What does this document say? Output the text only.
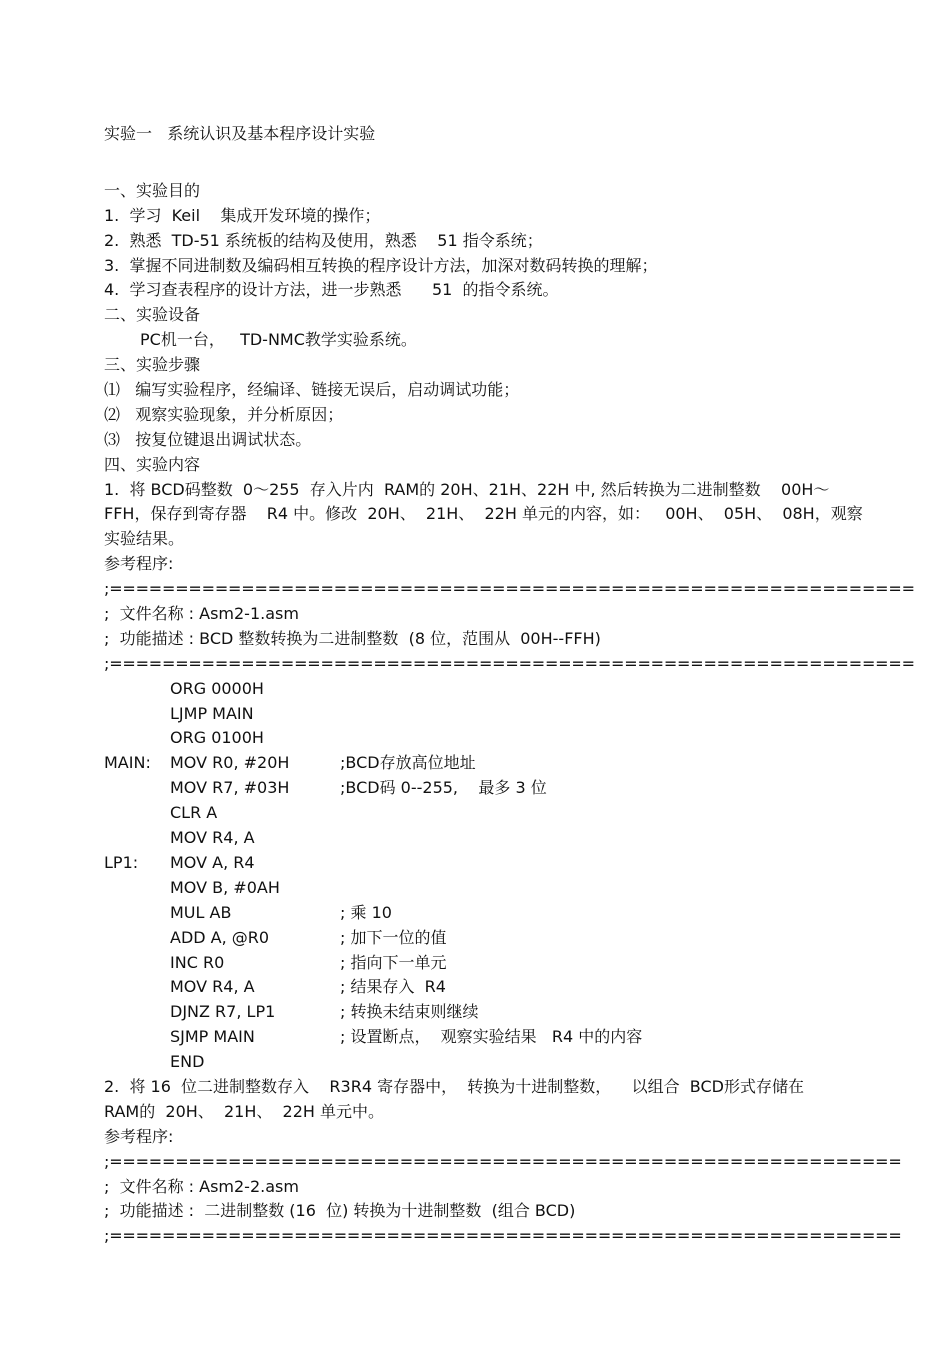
实验一   系统认识及基本程序设计实验
一、实验目的
1.  学习  Keil    集成开发环境的操作；
2.  熟悉  TD-51 系统板的结构及使用，熟悉    51 指令系统；
3.  掌握不同进制数及编码相互转换的程序设计方法，加深对数码转换的理解；
4.  学习查表程序的设计方法，进一步熟悉      51  的指令系统。
二、实验设备
PC机一台，   TD-NMC教学实验系统。
三、实验步骤
⑴   编写实验程序，经编译、链接无误后，启动调试功能；
⑵   观察实验现象，并分析原因；
⑶   按复位键退出调试状态。
四、实验内容
1.  将 BCD码整数  0～255  存入片内  RAM的 20H、21H、22H 中, 然后转换为二进制整数    00H～
FFH，保存到寄存器    R4 中。修改  20H、  21H、  22H 单元的内容，如：   00H、  05H、  08H，观察
实验结果。
参考程序:
;=============================================================
;  文件名称 : Asm2-1.asm
;  功能描述 : BCD 整数转换为二进制整数  (8 位，范围从  00H--FFH)
;=============================================================
ORG 0000H
LJMP MAIN
ORG 0100H
MAIN:	MOV R0, #20H	;BCD存放高位地址
MOV R7, #03H	;BCD码 0--255,    最多 3 位
CLR A
MOV R4, A
LP1:	MOV A, R4
MOV B, #0AH
MUL AB	; 乘 10
ADD A, @R0	; 加下一位的值
INC R0	; 指向下一单元
MOV R4, A	; 结果存入  R4
DJNZ R7, LP1	; 转换未结束则继续
SJMP MAIN	; 设置断点，  观察实验结果   R4 中的内容
END
2.  将 16  位二进制整数存入    R3R4 寄存器中，  转换为十进制整数，    以组合  BCD形式存储在
RAM的  20H、  21H、  22H 单元中。
参考程序:
;============================================================
;  文件名称 : Asm2-2.asm
;  功能描述 :  二进制整数 (16  位) 转换为十进制整数  (组合 BCD)
;============================================================
